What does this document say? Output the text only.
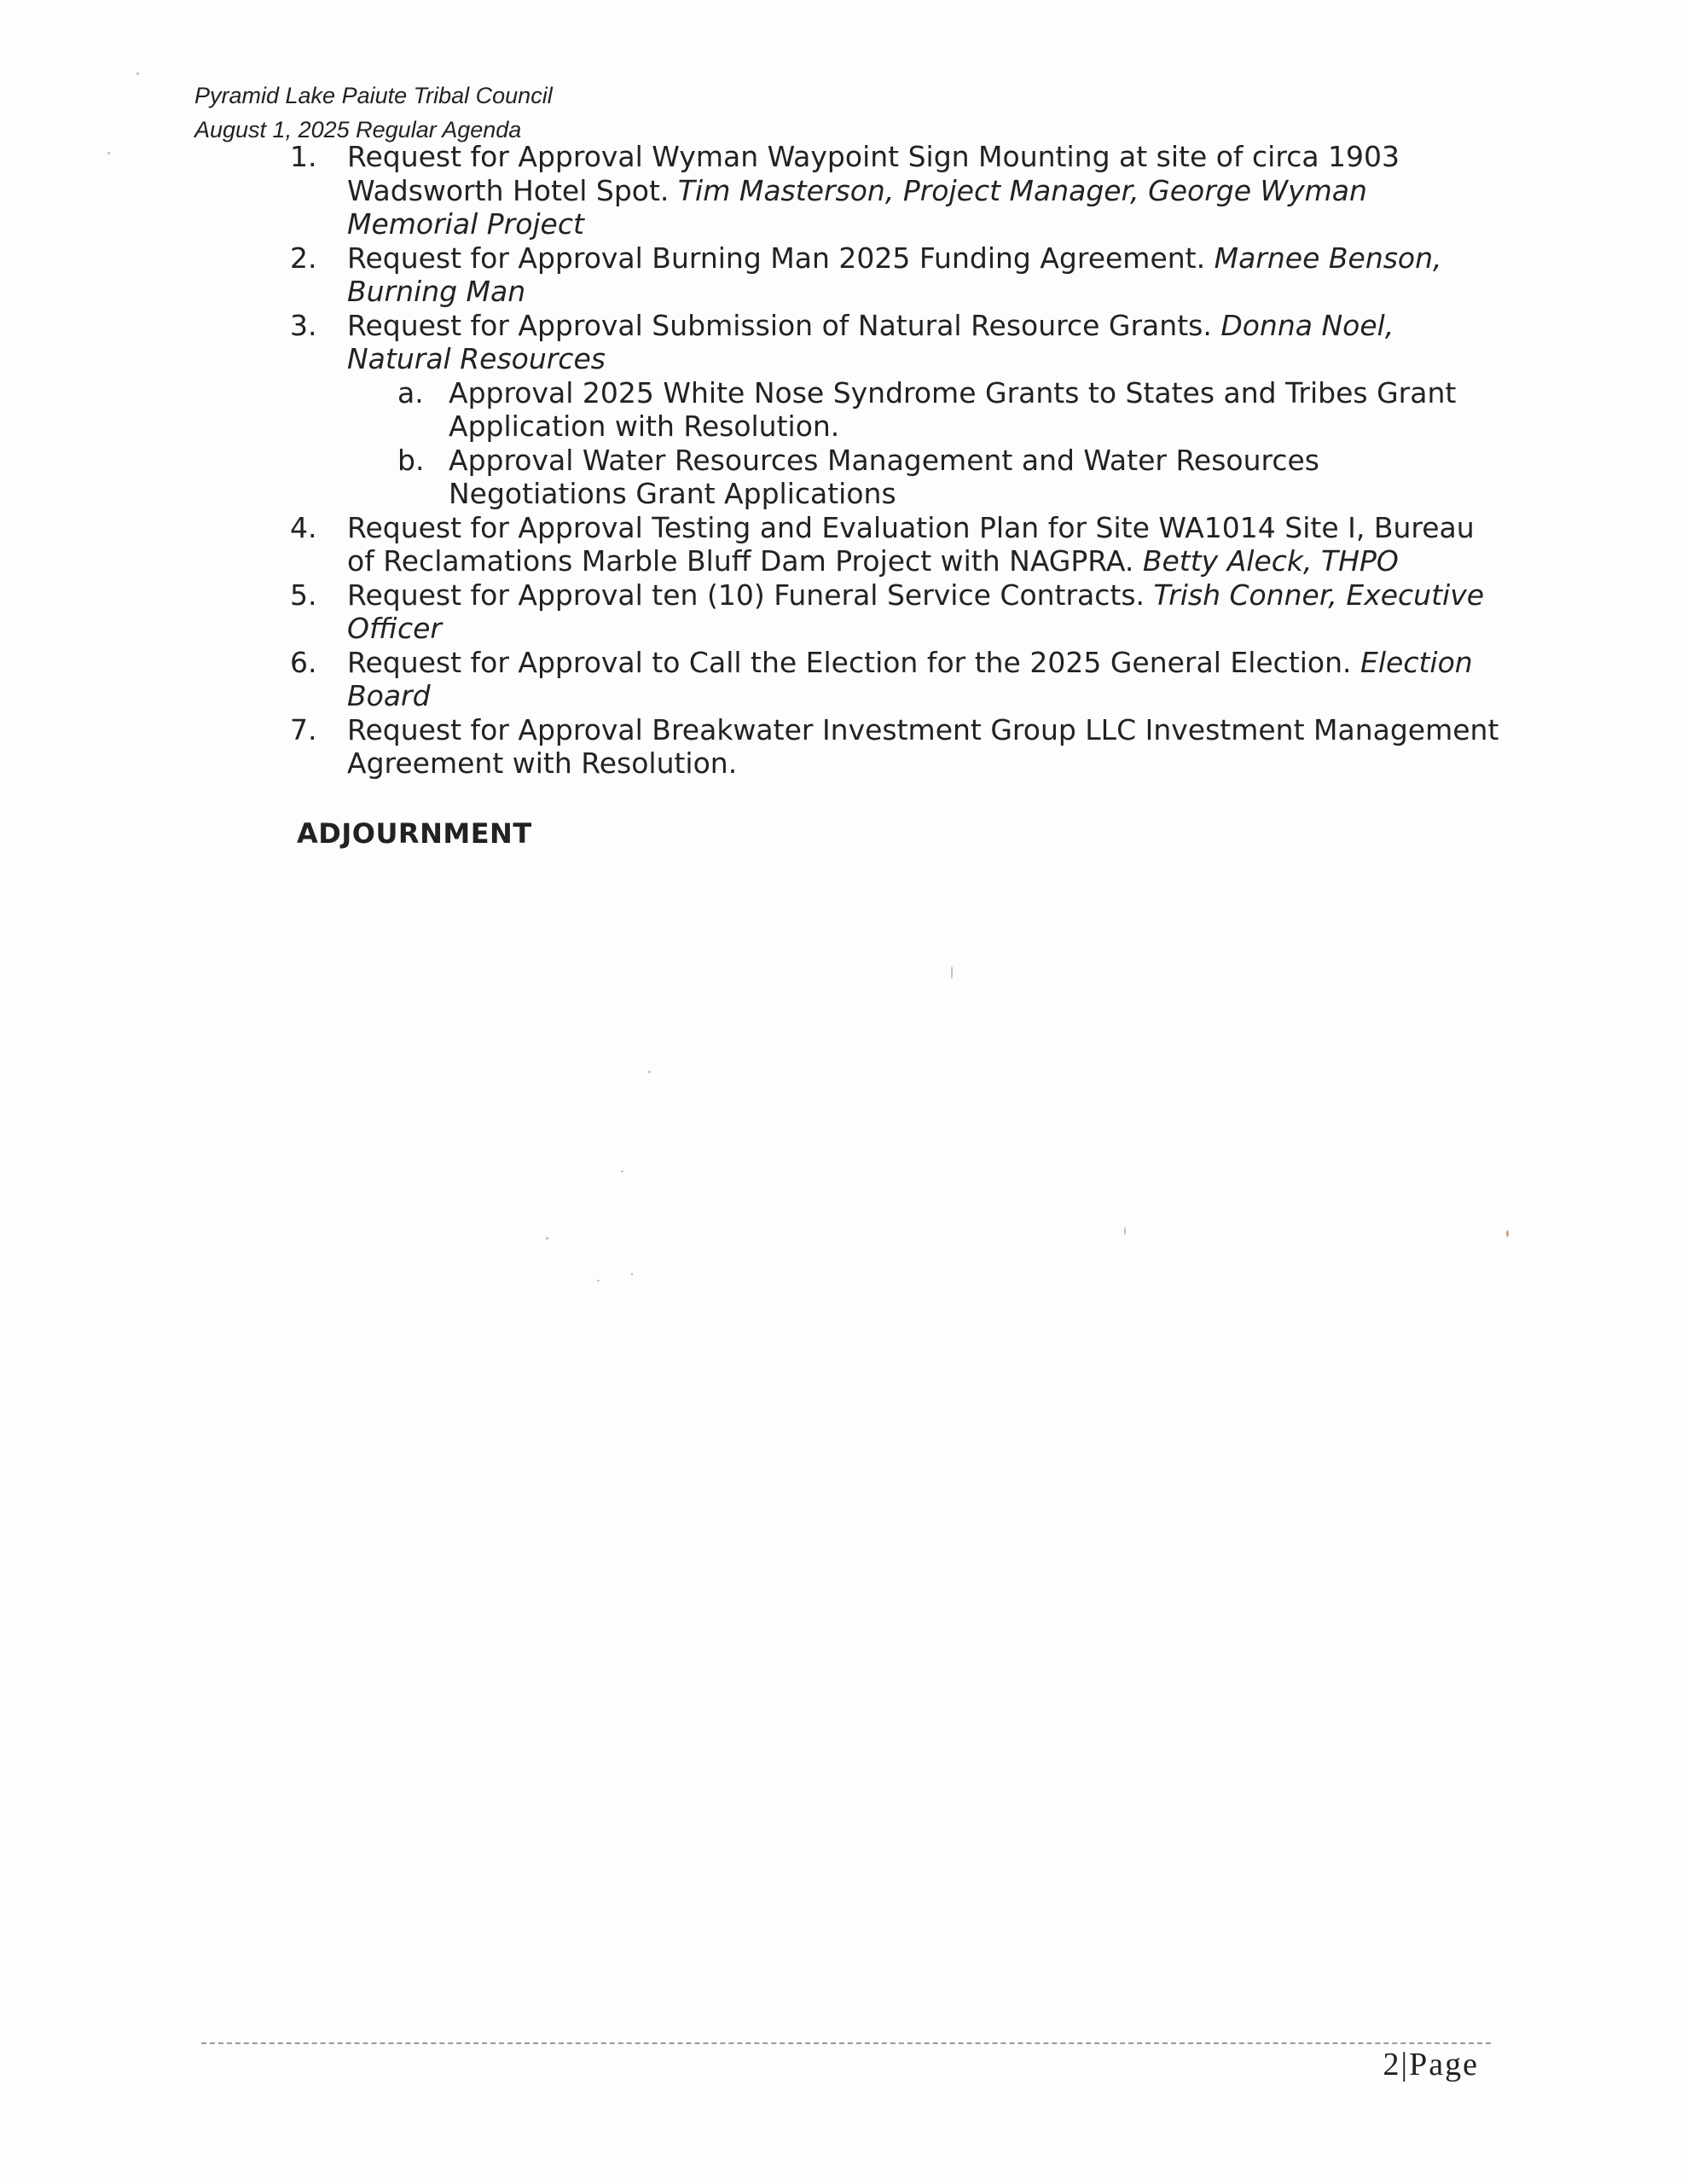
Pyramid Lake Paiute Tribal Council
August 1, 2025 Regular Agenda
1.	Request for Approval Wyman Waypoint Sign Mounting at site of circa 1903 Wadsworth Hotel Spot. Tim Masterson, Project Manager, George Wyman Memorial Project
2.	Request for Approval Burning Man 2025 Funding Agreement. Marnee Benson, Burning Man
3.	Request for Approval Submission of Natural Resource Grants. Donna Noel, Natural Resources
a. Approval 2025 White Nose Syndrome Grants to States and Tribes Grant Application with Resolution.
b. Approval Water Resources Management and Water Resources Negotiations Grant Applications
4.	Request for Approval Testing and Evaluation Plan for Site WA1014 Site I, Bureau of Reclamations Marble Bluff Dam Project with NAGPRA. Betty Aleck, THPO
5.	Request for Approval ten (10) Funeral Service Contracts. Trish Conner, Executive Officer
6.	Request for Approval to Call the Election for the 2025 General Election. Election Board
7.	Request for Approval Breakwater Investment Group LLC Investment Management Agreement with Resolution.
ADJOURNMENT
2|Page
